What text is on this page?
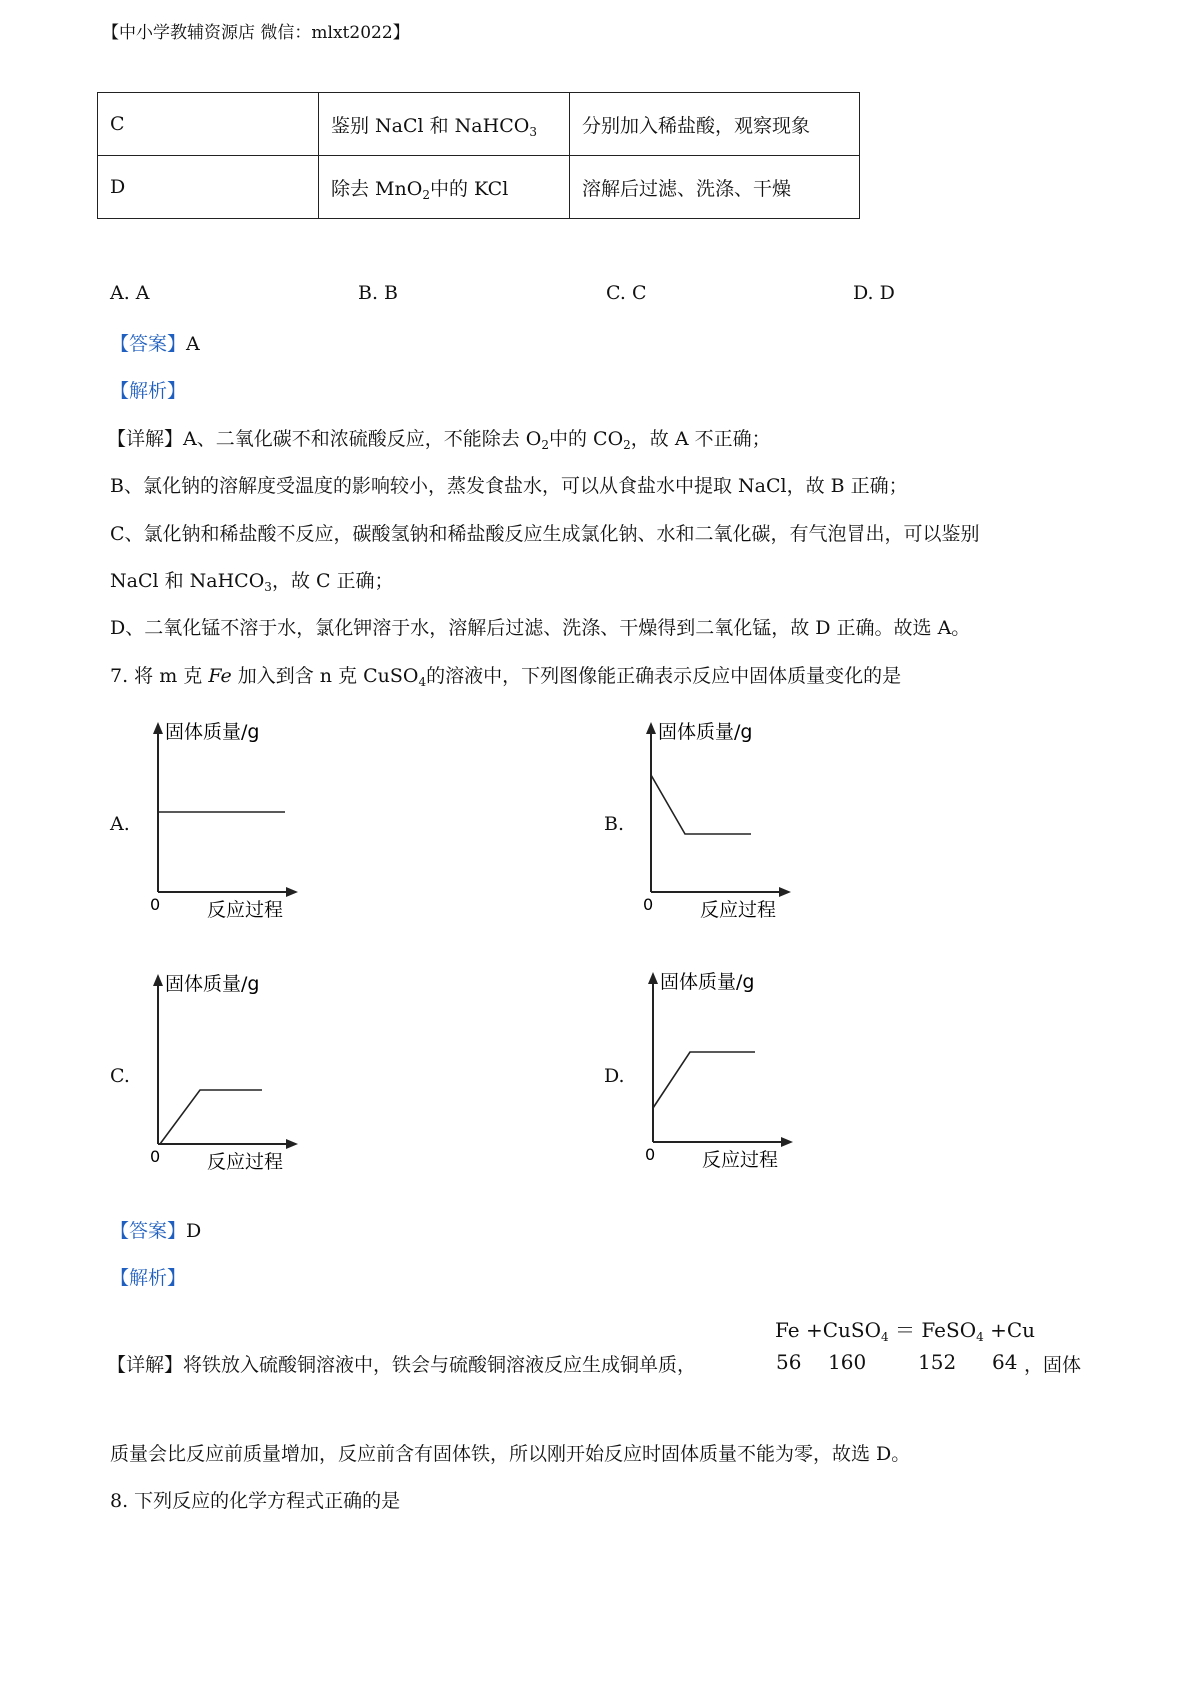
【中小学教辅资源店 微信：mlxt2022】
C	鉴别 NaCl 和 NaHCO$_3$	分别加入稀盐酸，观察现象
D	除去 MnO$_2$中的 KCl	溶解后过滤、洗涤、干燥
A. A	B. B	C. C	D. D
【答案】A
【解析】
【详解】A、二氧化碳不和浓硫酸反应，不能除去 $O_2$中的 $CO_2$，故 A 不正确；
B、氯化钠的溶解度受温度的影响较小，蒸发食盐水，可以从食盐水中提取 NaCl，故 B 正确；
C、氯化钠和稀盐酸不反应，碳酸氢钠和稀盐酸反应生成氯化钠、水和二氧化碳，有气泡冒出，可以鉴别
NaCl 和 NaHCO$_3$，故 C 正确；
D、二氧化锰不溶于水，氯化钾溶于水，溶解后过滤、洗涤、干燥得到二氧化锰，故 D 正确。故选 A。
7. 将 m 克 Fe 加入到含 n 克 CuSO$_4$的溶液中，下列图像能正确表示反应中固体质量变化的是
A.
固体质量/g
0 反应过程
B.
固体质量/g
0 反应过程
C.
固体质量/g
0 反应过程
D.
固体质量/g
0 反应过程
【答案】D
【解析】
Fe +CuSO$_4$ ＝ FeSO$_4$ +Cu
【详解】将铁放入硫酸铜溶液中，铁会与硫酸铜溶液反应生成铜单质，	56 160	152 64 ，固体
质量会比反应前质量增加，反应前含有固体铁，所以刚开始反应时固体质量不能为零，故选 D。
8. 下列反应的化学方程式正确的是
